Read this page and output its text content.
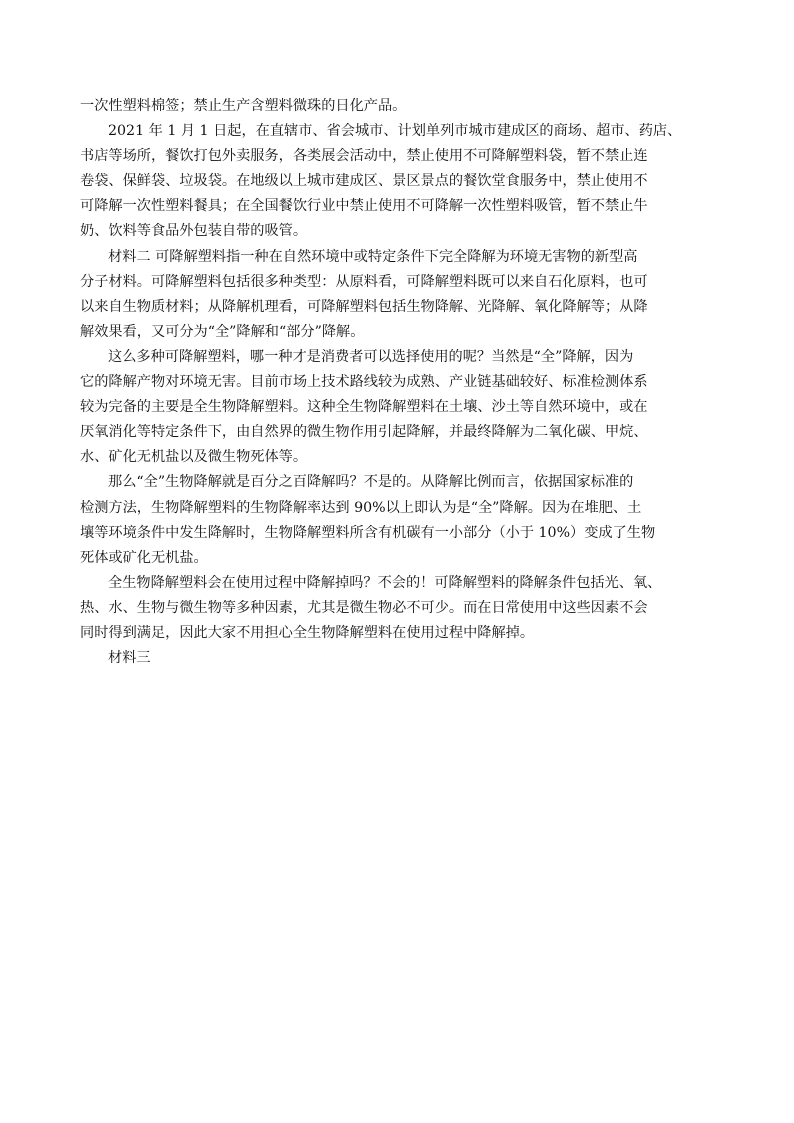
一次性塑料棉签；禁止生产含塑料微珠的日化产品。
2021 年 1 月 1 日起，在直辖市、省会城市、计划单列市城市建成区的商场、超市、药店、
书店等场所，餐饮打包外卖服务，各类展会活动中，禁止使用不可降解塑料袋，暂不禁止连
卷袋、保鲜袋、垃圾袋。在地级以上城市建成区、景区景点的餐饮堂食服务中，禁止使用不
可降解一次性塑料餐具；在全国餐饮行业中禁止使用不可降解一次性塑料吸管，暂不禁止牛
奶、饮料等食品外包装自带的吸管。
材料二 可降解塑料指一种在自然环境中或特定条件下完全降解为环境无害物的新型高
分子材料。可降解塑料包括很多种类型：从原料看，可降解塑料既可以来自石化原料，也可
以来自生物质材料；从降解机理看，可降解塑料包括生物降解、光降解、氧化降解等；从降
解效果看，又可分为“全”降解和“部分”降解。
这么多种可降解塑料，哪一种才是消费者可以选择使用的呢？当然是“全”降解，因为
它的降解产物对环境无害。目前市场上技术路线较为成熟、产业链基础较好、标准检测体系
较为完备的主要是全生物降解塑料。这种全生物降解塑料在土壤、沙土等自然环境中，或在
厌氧消化等特定条件下，由自然界的微生物作用引起降解，并最终降解为二氧化碳、甲烷、
水、矿化无机盐以及微生物死体等。
那么“全”生物降解就是百分之百降解吗？不是的。从降解比例而言，依据国家标准的
检测方法，生物降解塑料的生物降解率达到 90%以上即认为是“全”降解。因为在堆肥、土
壤等环境条件中发生降解时，生物降解塑料所含有机碳有一小部分（小于 10%）变成了生物
死体或矿化无机盐。
全生物降解塑料会在使用过程中降解掉吗？不会的！可降解塑料的降解条件包括光、氧、
热、水、生物与微生物等多种因素，尤其是微生物必不可少。而在日常使用中这些因素不会
同时得到满足，因此大家不用担心全生物降解塑料在使用过程中降解掉。
材料三
